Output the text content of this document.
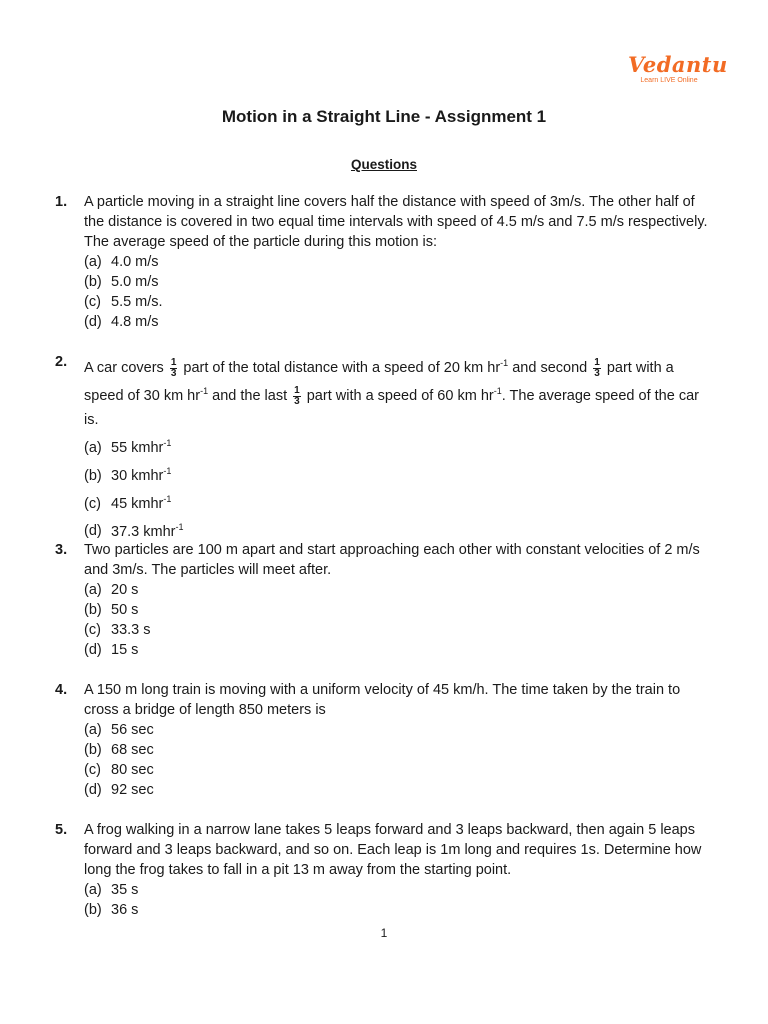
Vedantu
Learn LIVE Online
Motion in a Straight Line - Assignment 1
Questions
1. A particle moving in a straight line covers half the distance with speed of 3m/s. The other half of the distance is covered in two equal time intervals with speed of 4.5 m/s and 7.5 m/s respectively. The average speed of the particle during this motion is:
(a) 4.0 m/s
(b) 5.0 m/s
(c) 5.5 m/s.
(d) 4.8 m/s
2. A car covers $\frac{1}{3}$ part of the total distance with a speed of 20 km $hr^{-1}$ and second $\frac{1}{3}$ part with a speed of 30 km $hr^{-1}$ and the last $\frac{1}{3}$ part with a speed of 60 km $hr^{-1}$. The average speed of the car is.
(a) 55 kmhr$^{-1}$
(b) 30 kmhr$^{-1}$
(c) 45 kmhr$^{-1}$
(d) 37.3 kmhr$^{-1}$
3. Two particles are 100 m apart and start approaching each other with constant velocities of 2 m/s and 3m/s. The particles will meet after.
(a) 20 s
(b) 50 s
(c) 33.3 s
(d) 15 s
4. A 150 m long train is moving with a uniform velocity of 45 km/h. The time taken by the train to cross a bridge of length 850 meters is
(a) 56 sec
(b) 68 sec
(c) 80 sec
(d) 92 sec
5. A frog walking in a narrow lane takes 5 leaps forward and 3 leaps backward, then again 5 leaps forward and 3 leaps backward, and so on. Each leap is 1m long and requires 1s. Determine how long the frog takes to fall in a pit 13 m away from the starting point.
(a) 35 s
(b) 36 s
1
